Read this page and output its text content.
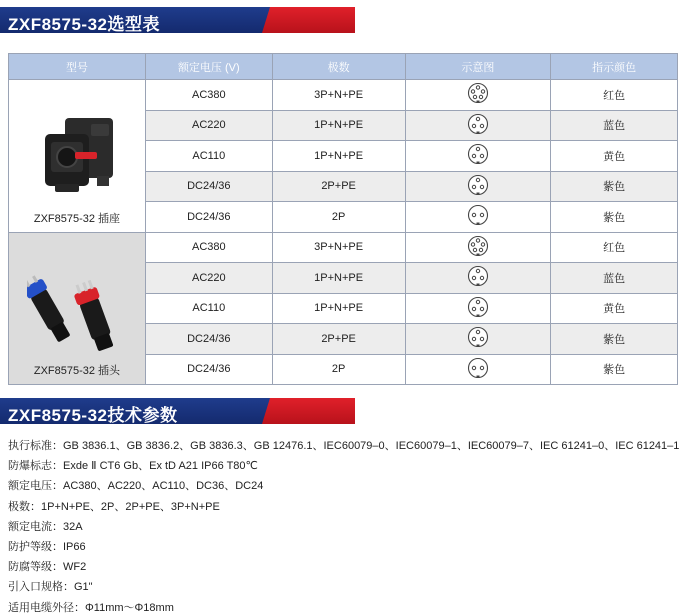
ZXF8575-32选型表
型号	额定电压 (V)	极数	示意图	指示颜色

ZXF8575-32 插座	AC380	3P+N+PE		红色
	AC220	1P+N+PE		蓝色
	AC110	1P+N+PE		黄色
	DC24/36	2P+PE		紫色
	DC24/36	2P		紫色

ZXF8575-32 插头	AC380	3P+N+PE		红色
	AC220	1P+N+PE		蓝色
	AC110	1P+N+PE		黄色
	DC24/36	2P+PE		紫色
	DC24/36	2P		紫色
ZXF8575-32技术参数
执行标准：GB 3836.1、GB 3836.2、GB 3836.3、GB 12476.1、IEC60079–0、IEC60079–1、IEC60079–7、IEC 61241–0、IEC 61241–1
防爆标志：Exde Ⅱ CT6 Gb、Ex tD A21 IP66 T80℃
额定电压：AC380、AC220、AC110、DC36、DC24
极数：1P+N+PE、2P、2P+PE、3P+N+PE
额定电流：32A
防护等级：IP66
防腐等级：WF2
引入口规格：G1"
适用电缆外径：Φ11mm～Φ18mm
